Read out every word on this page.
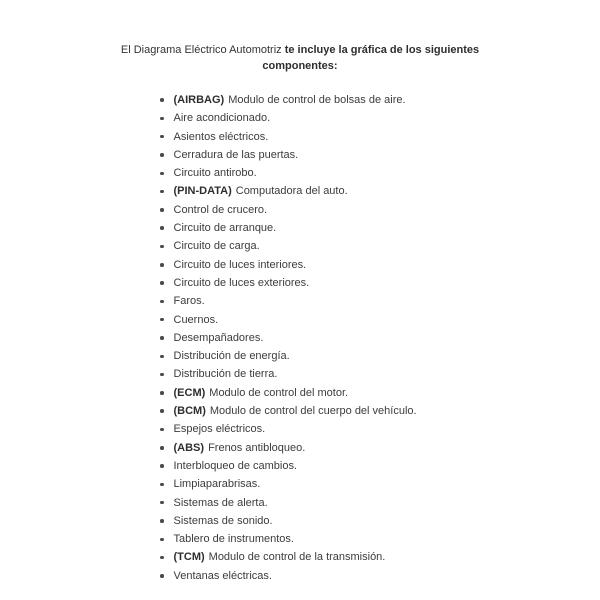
El Diagrama Eléctrico Automotriz te incluye la gráfica de los siguientes
componentes:
(AIRBAG) Modulo de control de bolsas de aire.
Aire acondicionado.
Asientos eléctricos.
Cerradura de las puertas.
Circuito antirobo.
(PIN-DATA) Computadora del auto.
Control de crucero.
Circuito de arranque.
Circuito de carga.
Circuito de luces interiores.
Circuito de luces exteriores.
Faros.
Cuernos.
Desempañadores.
Distribución de energía.
Distribución de tierra.
(ECM) Modulo de control del motor.
(BCM) Modulo de control del cuerpo del vehículo.
Espejos eléctricos.
(ABS) Frenos antibloqueo.
Interbloqueo de cambios.
Limpiaparabrisas.
Sistemas de alerta.
Sistemas de sonido.
Tablero de instrumentos.
(TCM) Modulo de control de la transmisión.
Ventanas eléctricas.
